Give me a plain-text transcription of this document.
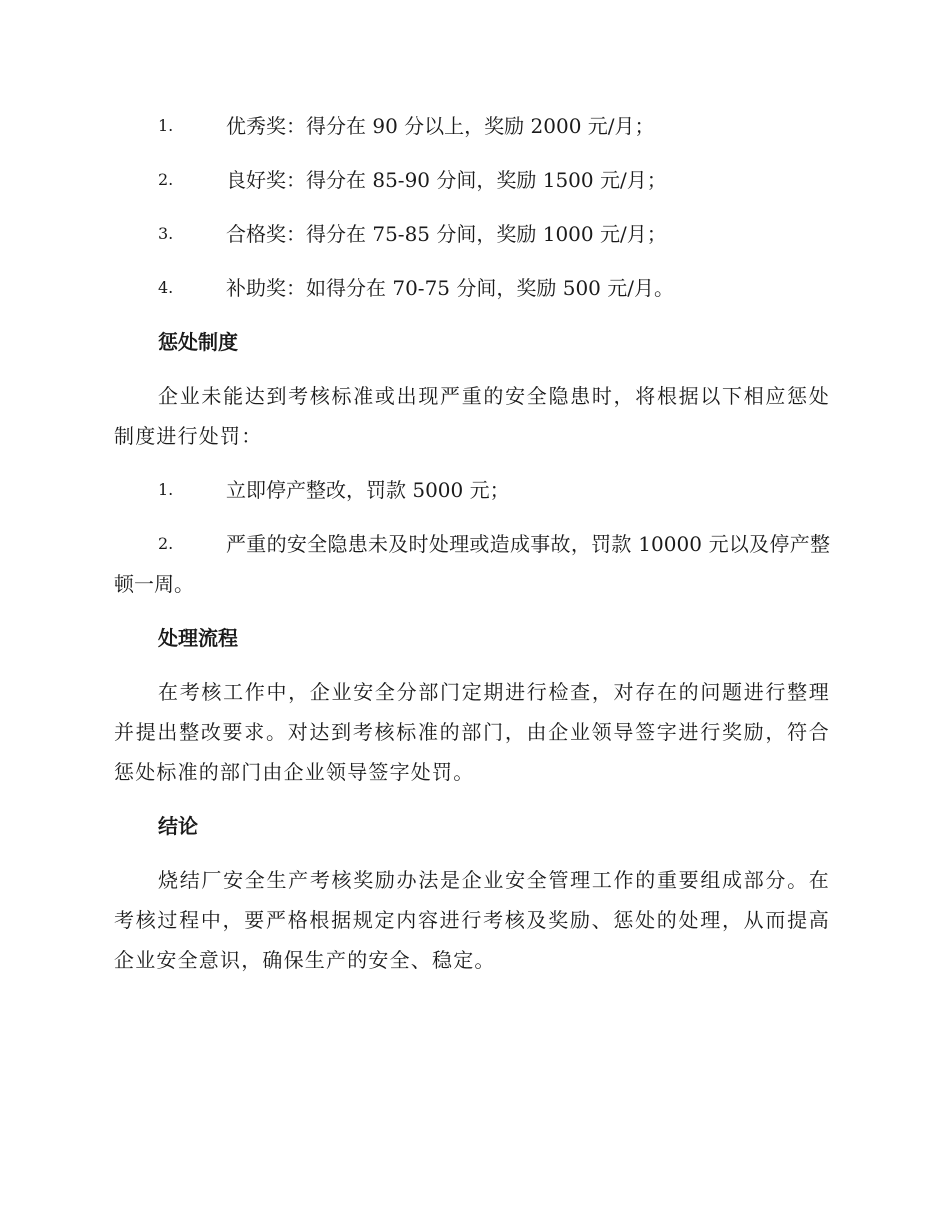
1.	优秀奖：得分在 90 分以上，奖励 2000 元/月；
2.	良好奖：得分在 85-90 分间，奖励 1500 元/月；
3.	合格奖：得分在 75-85 分间，奖励 1000 元/月；
4.	补助奖：如得分在 70-75 分间，奖励 500 元/月。
惩处制度

企业未能达到考核标准或出现严重的安全隐患时，将根据以下相应惩处制度进行处罚：

1.	立即停产整改，罚款 5000 元；
2.	严重的安全隐患未及时处理或造成事故，罚款 10000 元以及停产整顿一周。
处理流程

在考核工作中，企业安全分部门定期进行检查，对存在的问题进行整理并提出整改要求。对达到考核标准的部门，由企业领导签字进行奖励，符合惩处标准的部门由企业领导签字处罚。

结论

烧结厂安全生产考核奖励办法是企业安全管理工作的重要组成部分。在考核过程中，要严格根据规定内容进行考核及奖励、惩处的处理，从而提高企业安全意识，确保生产的安全、稳定。
